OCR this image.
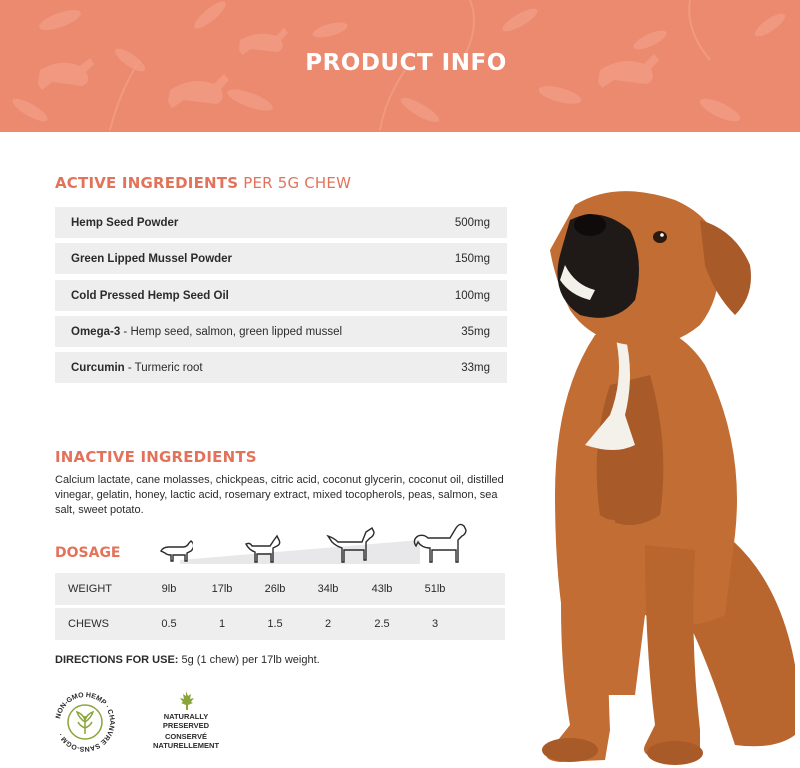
PRODUCT INFO
ACTIVE INGREDIENTS PER 5G CHEW
Hemp Seed Powder	500mg
Green Lipped Mussel Powder	150mg
Cold Pressed Hemp Seed Oil	100mg
Omega-3 - Hemp seed, salmon, green lipped mussel	35mg
Curcumin - Turmeric root	33mg
INACTIVE INGREDIENTS
Calcium lactate, cane molasses, chickpeas, citric acid, coconut glycerin, coconut oil, distilled vinegar, gelatin, honey, lactic acid, rosemary extract, mixed tocopherols, peas, salmon, sea salt, sweet potato.
DOSAGE
WEIGHT	9lb	17lb	26lb	34lb	43lb	51lb
CHEWS	0.5	1	1.5	2	2.5	3
DIRECTIONS FOR USE: 5g (1 chew) per 17lb weight.
NON-GMO HEMP · CHANVRE SANS-OGM ·
NATURALLY
PRESERVED
CONSERVÉ
NATURELLEMENT
